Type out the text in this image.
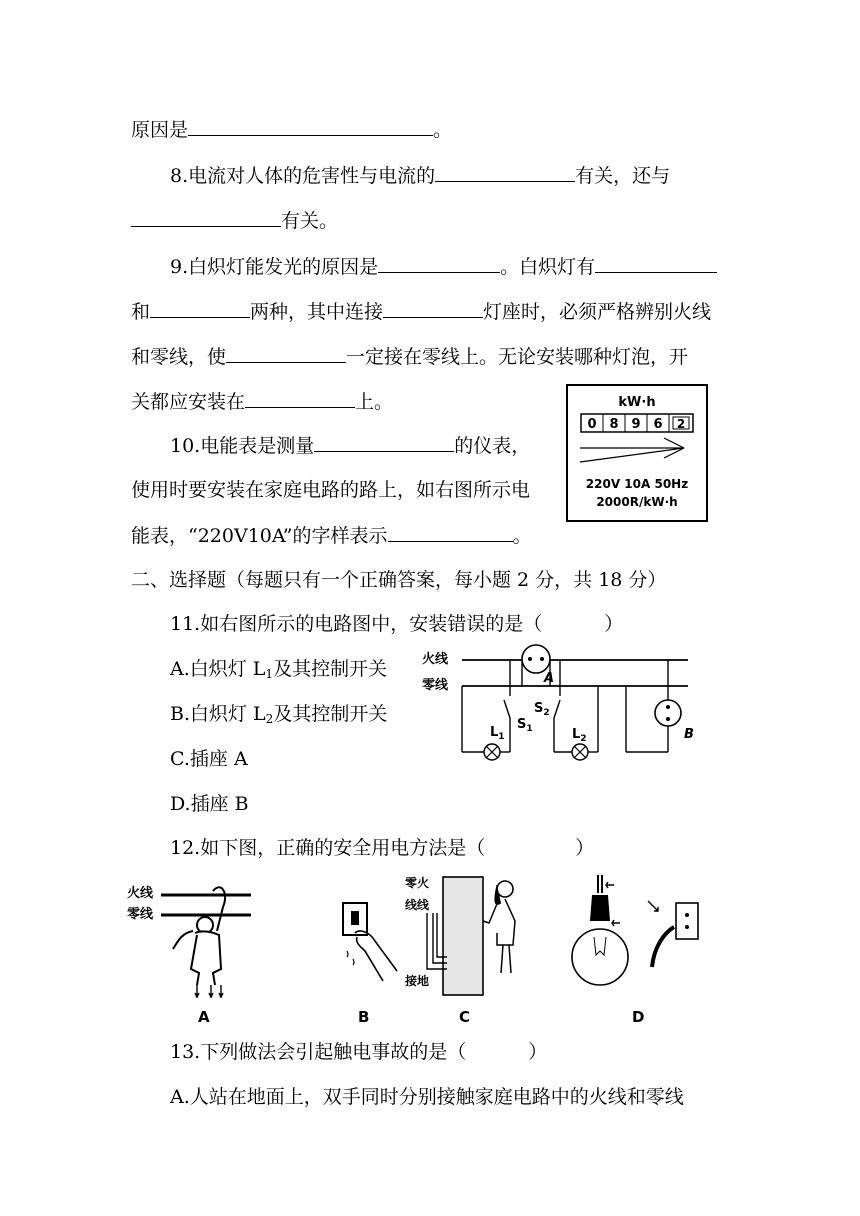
原因是	。
8.电流对人体的危害性与电流的	有关，还与
有关。
9.白炽灯能发光的原因是	。白炽灯有
和	两种，其中连接	灯座时，必须严格辨别火线
和零线，使	一定接在零线上。无论安装哪种灯泡，开
关都应安装在	上。
10.电能表是测量	的仪表，
使用时要安装在家庭电路的路上，如右图所示电
能表，“220V10A”的字样表示	。
kW·h
0 8 9 6 2
220V 10A 50Hz
2000R/kW·h
二、选择题（每题只有一个正确答案，每小题 2 分，共 18 分）
11.如右图所示的电路图中，安装错误的是（	）
A.白炽灯 $L_1$及其控制开关
B.白炽灯 $L_2$及其控制开关
C.插座 A
D.插座 B
火线
零线	A
$L_1$
$S_1$
$S_2$
$L_2$	B
12.如下图，正确的安全用电方法是（	）
火线
零线
A	B
零火
线线
接地
C	D
13.下列做法会引起触电事故的是（	）
A.人站在地面上，双手同时分别接触家庭电路中的火线和零线
